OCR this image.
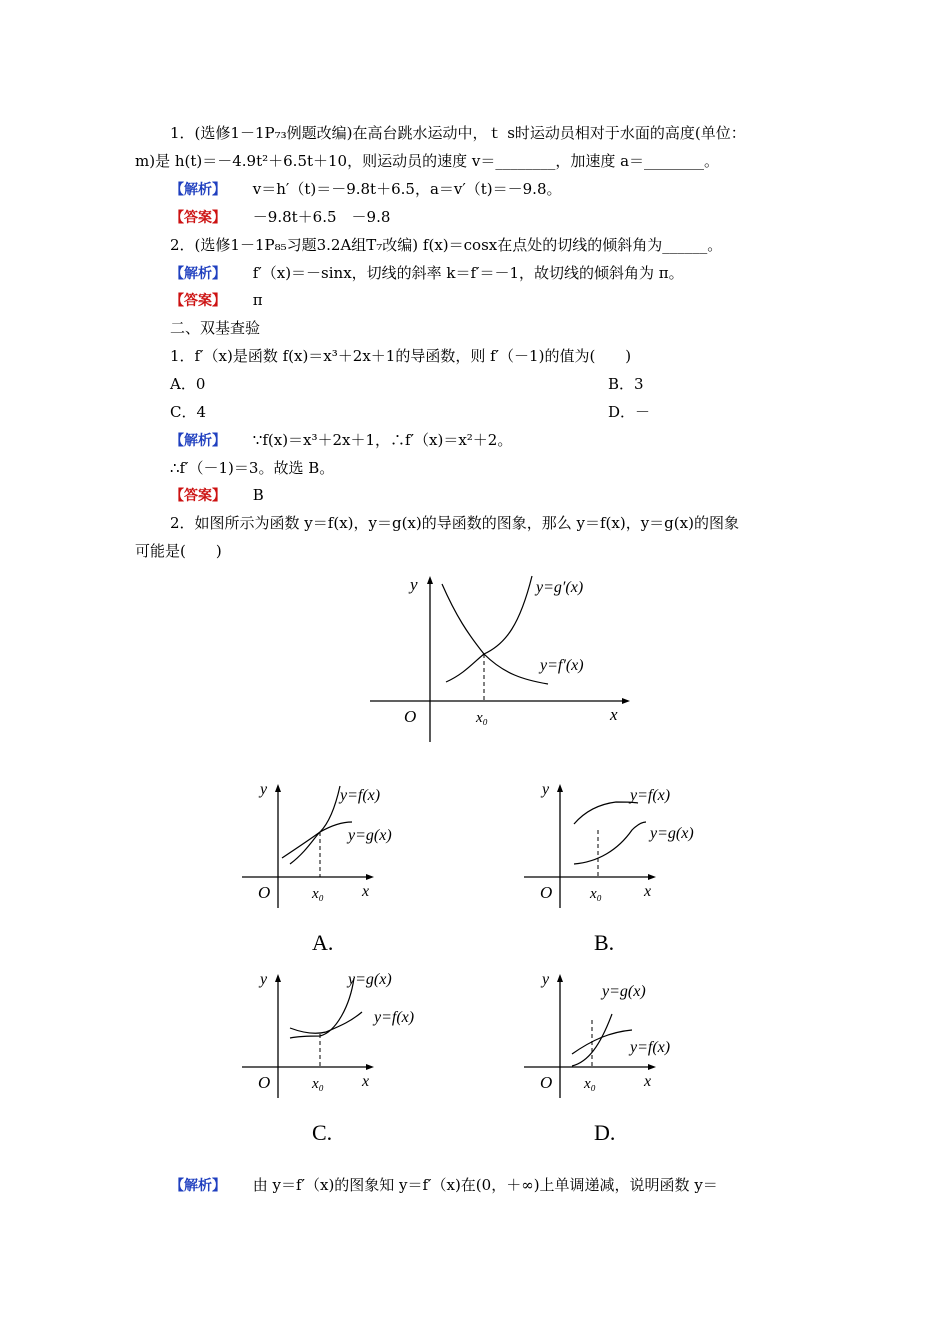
1．(选修1－1P₇₃例题改编)在高台跳水运动中，ｔ s时运动员相对于水面的高度(单位：
m)是 h(t)＝－4.9t²＋6.5t＋10，则运动员的速度 v＝________，加速度 a＝________。
【解析】 v＝h′（t)＝－9.8t＋6.5，a＝v′（t)＝－9.8。
【答案】 －9.8t＋6.5　－9.8
2．(选修1－1P₈₅习题3.2A组T₇改编) f(x)＝cosx在点处的切线的倾斜角为______。
【解析】 f′（x)＝－sinx，切线的斜率 k＝f′＝－1，故切线的倾斜角为 π。
【答案】 π
二、双基查验
1．f′（x)是函数 f(x)＝x³＋2x＋1的导函数，则 f′（－1)的值为(　　)
A．0	B．3
C．4	D．－
【解析】 ∵f(x)＝x³＋2x＋1，∴f′（x)＝x²＋2。
∴f′（－1)＝3。故选 B。
【答案】 B
2．如图所示为函数 y＝f(x)，y＝g(x)的导函数的图象，那么 y＝f(x)，y＝g(x)的图象
可能是(　　)
y
x
O	x₀
y=g′(x)
y=f′(x)
y
x
O	x₀
y=f(x)
y=g(x)
A.
y
x
O	x₀
y=f(x)
y=g(x)
B.
y
x
O	x₀
y=f(x)
y=g(x)
C.
y
x
O x₀
y=f(x)
y=g(x)
D.
【解析】 由 y＝f′（x)的图象知 y＝f′（x)在(0，＋∞)上单调递减，说明函数 y＝
